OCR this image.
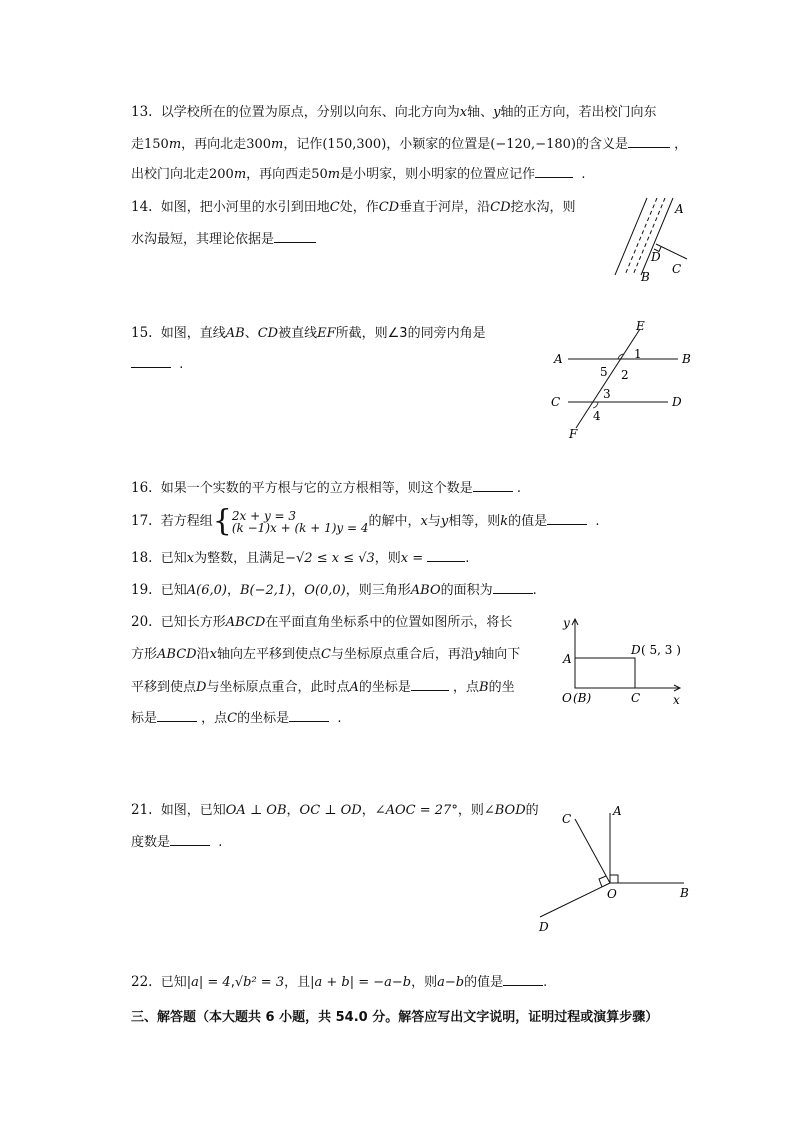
13. 以学校所在的位置为原点，分别以向东、向北方向为x轴、y轴的正方向，若出校门向东
走150m，再向北走300m，记作(150,300)，小颖家的位置是(−120,−180)的含义是	，
出校门向北走200m，再向西走50m是小明家，则小明家的位置应记作	.
14. 如图，把小河里的水引到田地C处，作CD垂直于河岸，沿CD挖水沟，则
水沟最短，其理论依据是
A
D
B
C
15. 如图，直线AB、CD被直线EF所截，则∠3的同旁内角是
.
E
A	B
1
5 2
3
C	D
4
F
16. 如果一个实数的平方根与它的立方根相等，则这个数是	.
17. 若方程组{2x + y = 3
(k −1)x + (k + 1)y = 4的解中，x与y相等，则k的值是	.
18. 已知x为整数，且满足−√2 ≤ x ≤ √3，则x =	.
19. 已知A(6,0)，B(−2,1)，O(0,0)，则三角形ABO的面积为	.
20. 已知长方形ABCD在平面直角坐标系中的位置如图所示，将长
方形ABCD沿x轴向左平移到使点C与坐标原点重合后，再沿y轴向下
平移到使点D与坐标原点重合，此时点A的坐标是	，点B的坐
标是	，点C的坐标是	.
y
A
D ( 5, 3 )
O (B)	C	x
21. 如图，已知OA ⊥ OB，OC ⊥ OD，∠AOC = 27°，则∠BOD的
度数是	.
C
A
O	B
D
22. 已知|a| = 4,√b² = 3，且|a + b| = −a−b，则a−b的值是	.
三、解答题（本大题共 6 小题，共 54.0 分。解答应写出文字说明，证明过程或演算步骤）
